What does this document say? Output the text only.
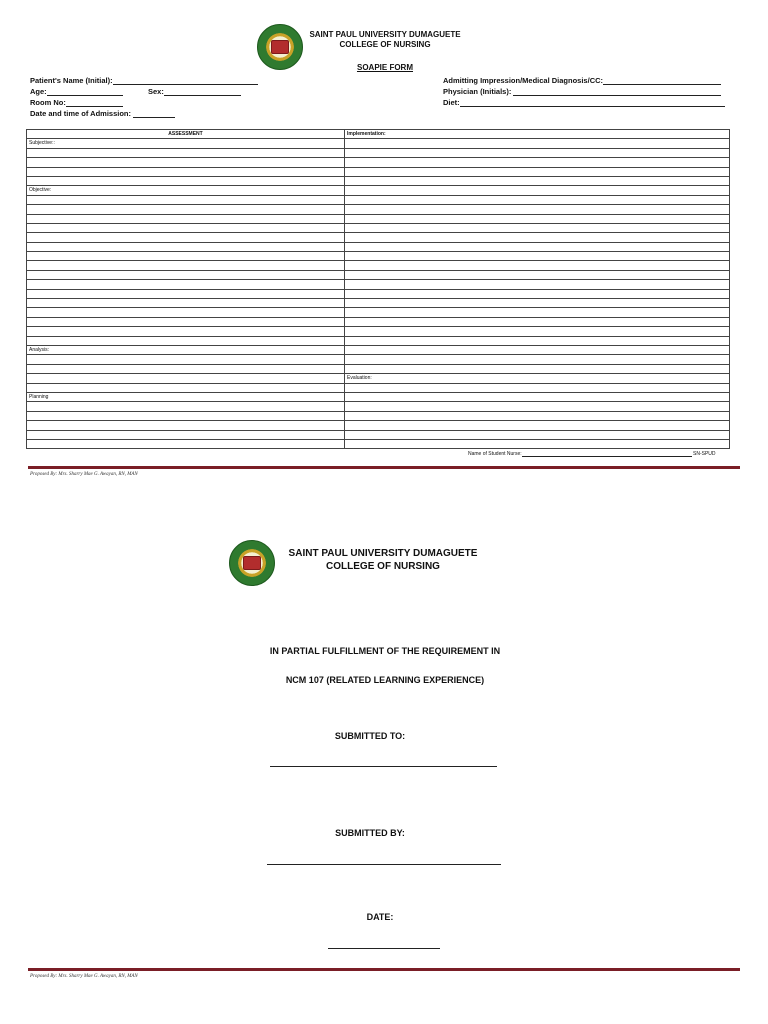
SAINT PAUL UNIVERSITY DUMAGUETE
COLLEGE OF NURSING
SOAPIE FORM
Patient's Name (Initial):
Age:	Sex:
Room No:
Date and time of Admission:
Admitting Impression/Medical Diagnosis/CC:
Physician (Initials):
Diet:
ASSESSMENT	Implementation:
Subjective::	

Objective:	

Analysis:	

	Evaluation:

Planning	

Name of Student Nurse:	SN-SPUD
Proposed By: Mrs. Sharry Mae G. Awayan, RN, MAN
SAINT PAUL UNIVERSITY DUMAGUETE
COLLEGE OF NURSING
IN PARTIAL FULFILLMENT OF THE REQUIREMENT IN
NCM 107 (RELATED LEARNING EXPERIENCE)
SUBMITTED TO:
SUBMITTED BY:
DATE:
Proposed By: Mrs. Sharry Mae G. Awayan, RN, MAN
